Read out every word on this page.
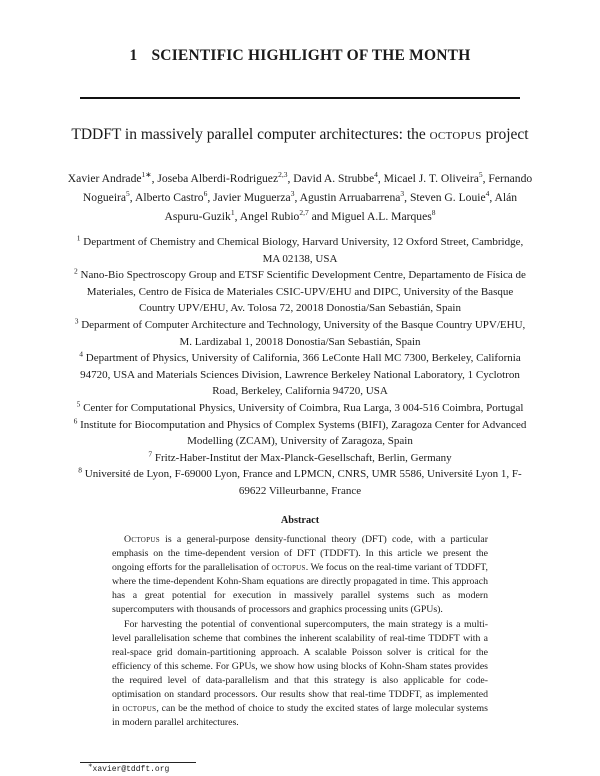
1 SCIENTIFIC HIGHLIGHT OF THE MONTH
TDDFT in massively parallel computer architectures: the octopus project
Xavier Andrade$^{1∗}$, Joseba Alberdi-Rodriguez$^{2,3}$, David A. Strubbe$^4$, Micael J. T. Oliveira$^5$, Fernando Nogueira$^5$, Alberto Castro$^6$, Javier Muguerza$^3$, Agustin Arruabarrena$^3$, Steven G. Louie$^4$, Alán Aspuru-Guzik$^1$, Angel Rubio$^{2,7}$ and Miguel A.L. Marques$^8$

$^1$ Department of Chemistry and Chemical Biology, Harvard University, 12 Oxford Street, Cambridge, MA 02138, USA

$^2$ Nano-Bio Spectroscopy Group and ETSF Scientific Development Centre, Departamento de Física de Materiales, Centro de Física de Materiales CSIC-UPV/EHU and DIPC, University of the Basque Country UPV/EHU, Av. Tolosa 72, 20018 Donostia/San Sebastián, Spain

$^3$ Deparment of Computer Architecture and Technology, University of the Basque Country UPV/EHU, M. Lardizabal 1, 20018 Donostia/San Sebastián, Spain

$^4$ Department of Physics, University of California, 366 LeConte Hall MC 7300, Berkeley, California 94720, USA and Materials Sciences Division, Lawrence Berkeley National Laboratory, 1 Cyclotron Road, Berkeley, California 94720, USA

$^5$ Center for Computational Physics, University of Coimbra, Rua Larga, 3 004-516 Coimbra, Portugal

$^6$ Institute for Biocomputation and Physics of Complex Systems (BIFI), Zaragoza Center for Advanced Modelling (ZCAM), University of Zaragoza, Spain

$^7$ Fritz-Haber-Institut der Max-Planck-Gesellschaft, Berlin, Germany

$^8$ Université de Lyon, F-69000 Lyon, France and LPMCN, CNRS, UMR 5586, Université Lyon 1, F-69622 Villeurbanne, France

Abstract

Octopus is a general-purpose density-functional theory (DFT) code, with a particular emphasis on the time-dependent version of DFT (TDDFT). In this article we present the ongoing efforts for the parallelisation of octopus. We focus on the real-time variant of TDDFT, where the time-dependent Kohn-Sham equations are directly propagated in time. This approach has a great potential for execution in massively parallel systems such as modern supercomputers with thousands of processors and graphics processing units (GPUs).

For harvesting the potential of conventional supercomputers, the main strategy is a multi-level parallelisation scheme that combines the inherent scalability of real-time TDDFT with a real-space grid domain-partitioning approach. A scalable Poisson solver is critical for the efficiency of this scheme. For GPUs, we show how using blocks of Kohn-Sham states provides the required level of data-parallelism and that this strategy is also applicable for code-optimisation on standard processors. Our results show that real-time TDDFT, as implemented in octopus, can be the method of choice to study the excited states of large molecular systems in modern parallel architectures.

∗xavier@tddft.org
